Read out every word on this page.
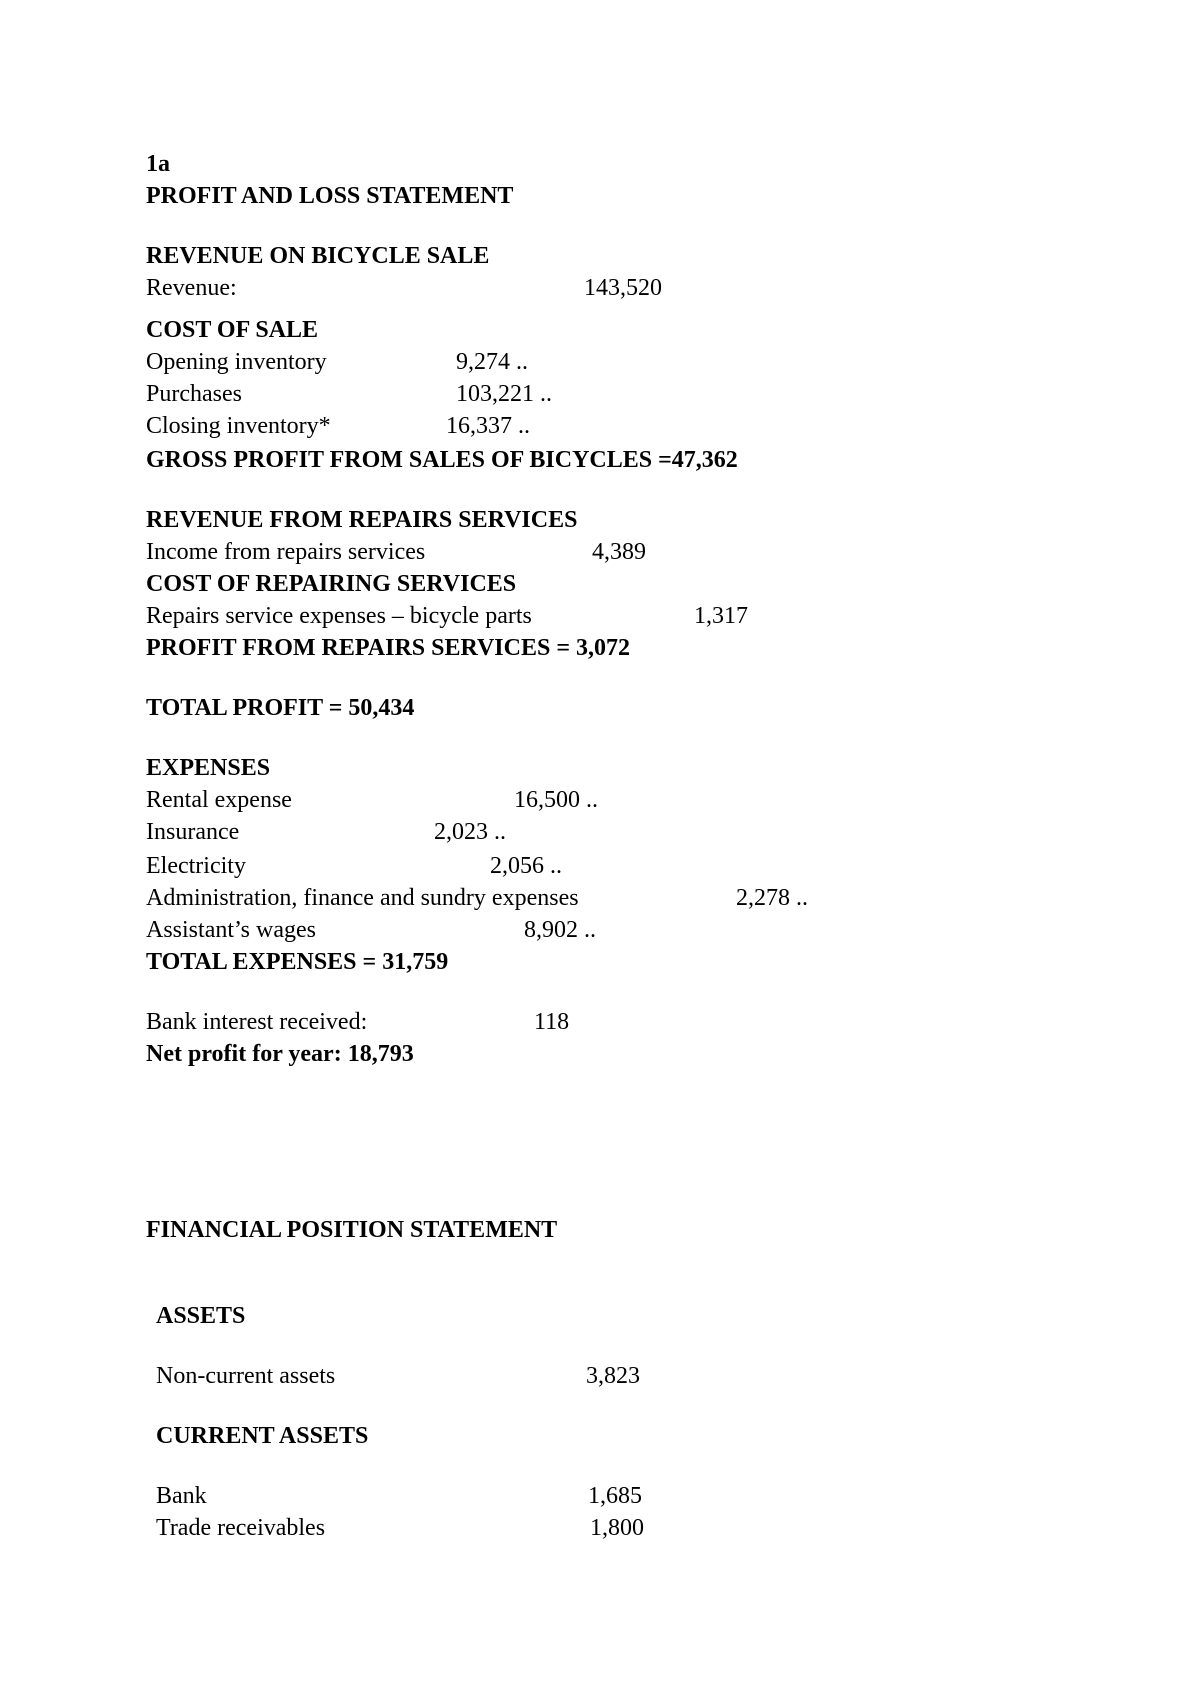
1a
PROFIT AND LOSS STATEMENT
REVENUE ON BICYCLE SALE
Revenue:	143,520
COST OF SALE
Opening inventory	9,274 ..
Purchases	103,221 ..
Closing inventory*	16,337 ..
GROSS PROFIT FROM SALES OF BICYCLES =47,362
REVENUE FROM REPAIRS SERVICES
Income from repairs services	4,389
COST OF REPAIRING SERVICES
Repairs service expenses – bicycle parts	1,317
PROFIT FROM REPAIRS SERVICES = 3,072
TOTAL PROFIT = 50,434
EXPENSES
Rental expense	16,500 ..
Insurance	2,023 ..
Electricity	2,056 ..
Administration, finance and sundry expenses	2,278 ..
Assistant’s wages	8,902 ..
TOTAL EXPENSES = 31,759
Bank interest received:	118
Net profit for year: 18,793
FINANCIAL POSITION STATEMENT
ASSETS
Non-current assets	3,823
CURRENT ASSETS
Bank	1,685
Trade receivables	1,800
